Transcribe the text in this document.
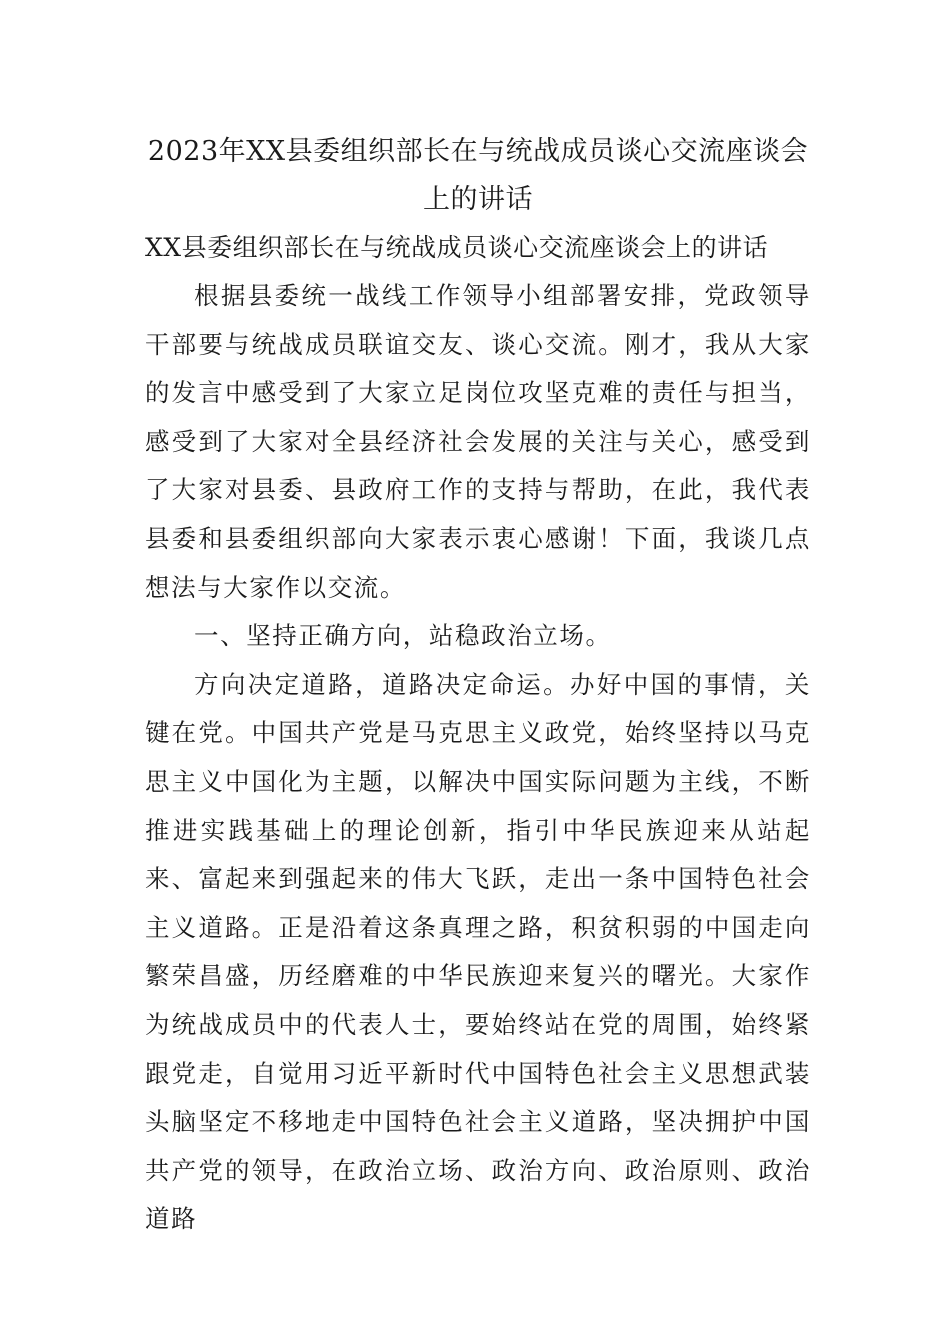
2023年XX县委组织部长在与统战成员谈心交流座谈会上的讲话

XX县委组织部长在与统战成员谈心交流座谈会上的讲话

根据县委统一战线工作领导小组部署安排，党政领导干部要与统战成员联谊交友、谈心交流。刚才，我从大家的发言中感受到了大家立足岗位攻坚克难的责任与担当，感受到了大家对全县经济社会发展的关注与关心，感受到了大家对县委、县政府工作的支持与帮助，在此，我代表县委和县委组织部向大家表示衷心感谢！下面，我谈几点想法与大家作以交流。

一、坚持正确方向，站稳政治立场。

方向决定道路，道路决定命运。办好中国的事情，关键在党。中国共产党是马克思主义政党，始终坚持以马克思主义中国化为主题，以解决中国实际问题为主线，不断推进实践基础上的理论创新，指引中华民族迎来从站起来、富起来到强起来的伟大飞跃，走出一条中国特色社会主义道路。正是沿着这条真理之路，积贫积弱的中国走向繁荣昌盛，历经磨难的中华民族迎来复兴的曙光。大家作为统战成员中的代表人士，要始终站在党的周围，始终紧跟党走，自觉用习近平新时代中国特色社会主义思想武装头脑坚定不移地走中国特色社会主义道路，坚决拥护中国共产党的领导，在政治立场、政治方向、政治原则、政治道路
